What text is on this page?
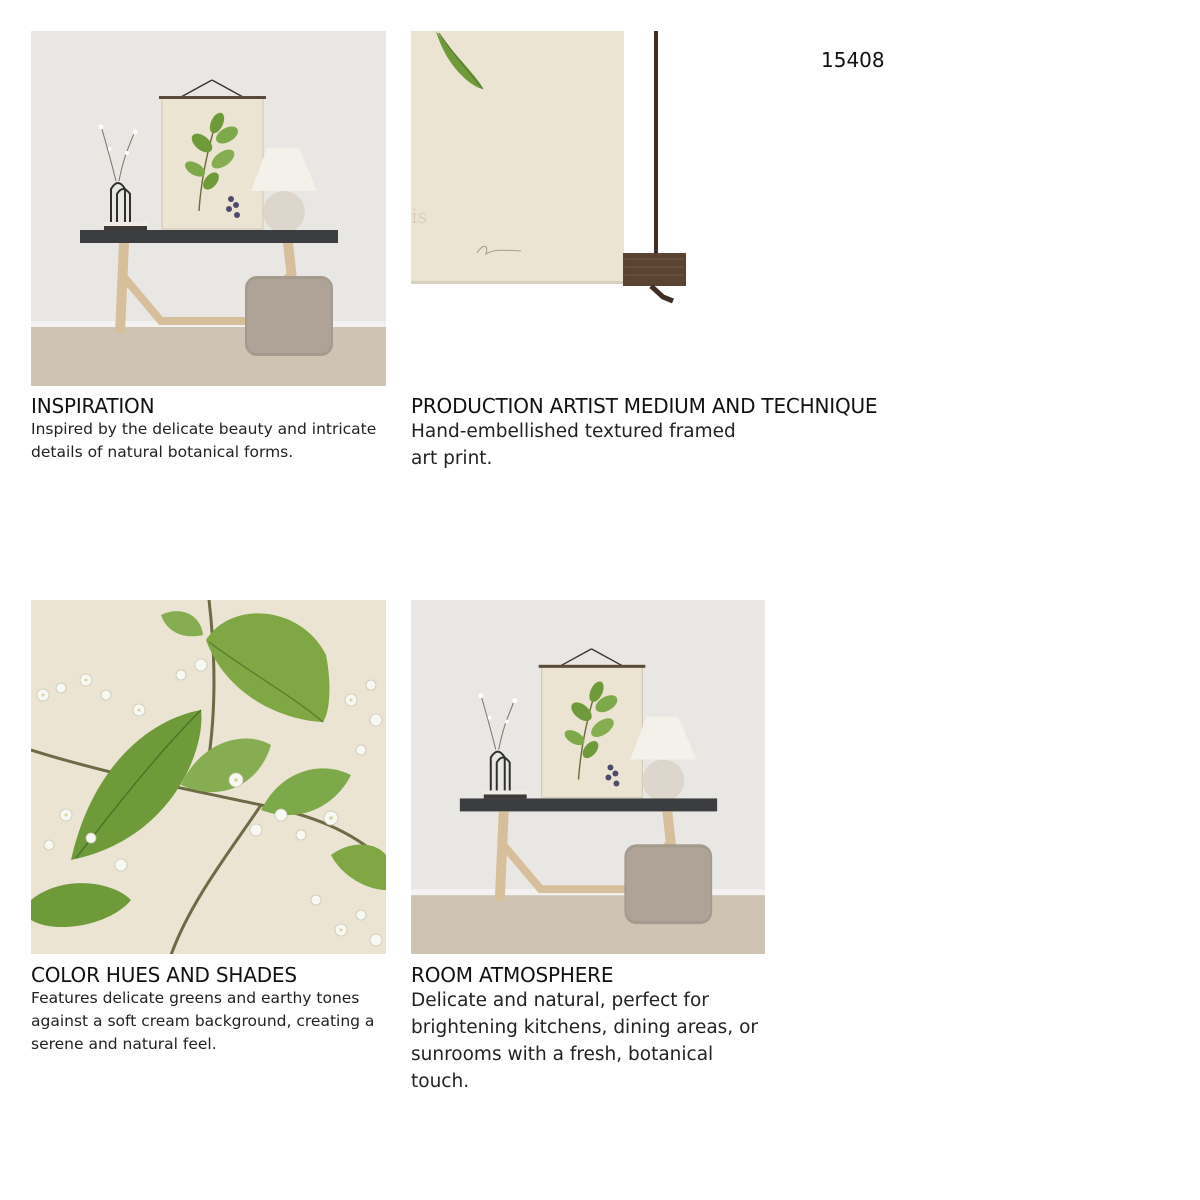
15408
INSPIRATION
Inspired by the delicate beauty and intricate details of natural botanical forms.
is
PRODUCTION ARTIST MEDIUM AND TECHNIQUE
Hand-embellished textured framed art print.
COLOR HUES AND SHADES
Features delicate greens and earthy tones against a soft cream background, creating a serene and natural feel.
ROOM ATMOSPHERE
Delicate and natural, perfect for brightening kitchens, dining areas, or sunrooms with a fresh, botanical touch.
